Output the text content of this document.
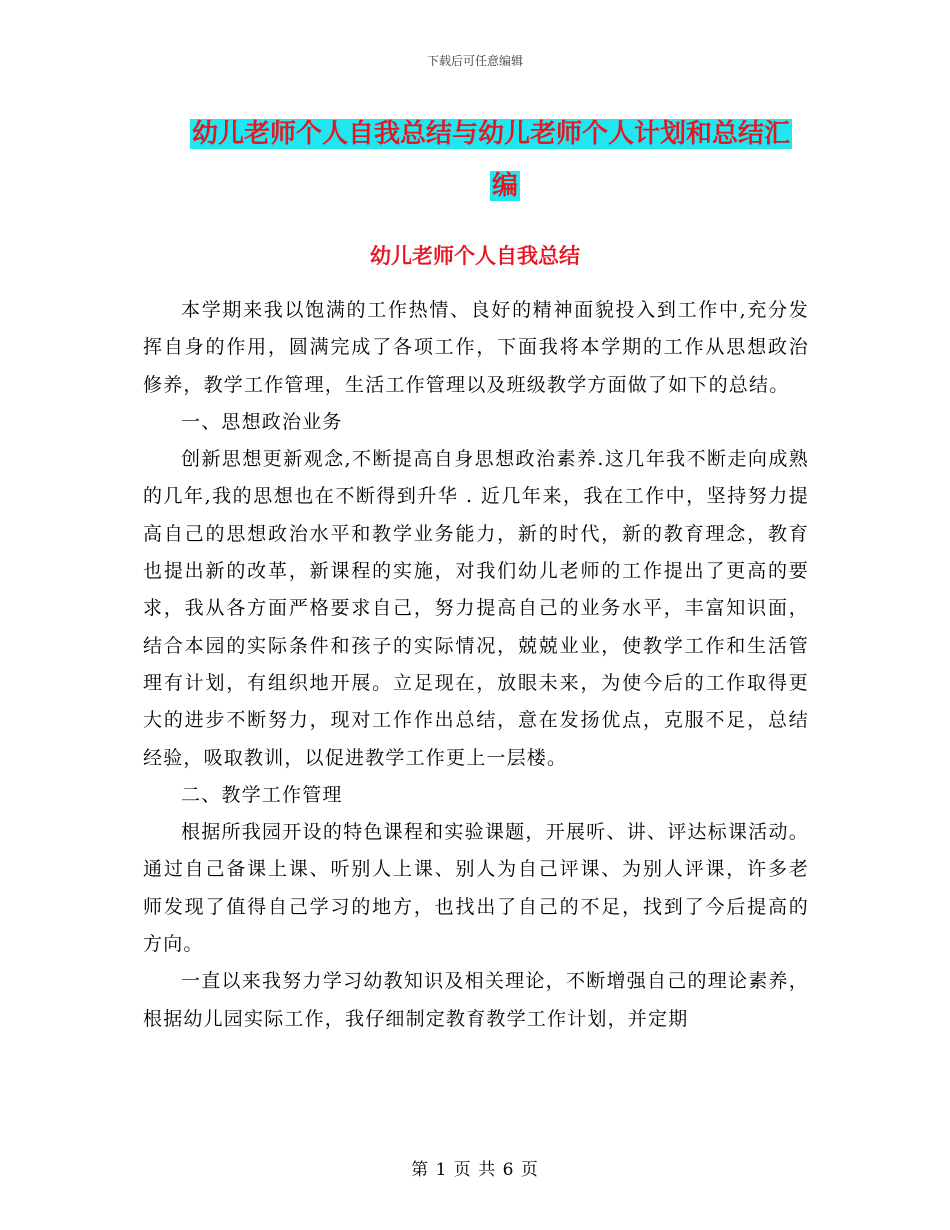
下载后可任意编辑
幼儿老师个人自我总结与幼儿老师个人计划和总结汇
编
幼儿老师个人自我总结

本学期来我以饱满的工作热情、良好的精神面貌投入到工作中,充分发挥自身的作用，圆满完成了各项工作，下面我将本学期的工作从思想政治修养，教学工作管理，生活工作管理以及班级教学方面做了如下的总结。

一、思想政治业务

创新思想更新观念,不断提高自身思想政治素养.这几年我不断走向成熟的几年,我的思想也在不断得到升华 . 近几年来，我在工作中，坚持努力提高自己的思想政治水平和教学业务能力，新的时代，新的教育理念，教育也提出新的改革，新课程的实施，对我们幼儿老师的工作提出了更高的要求，我从各方面严格要求自己，努力提高自己的业务水平，丰富知识面，结合本园的实际条件和孩子的实际情况，兢兢业业，使教学工作和生活管理有计划，有组织地开展。立足现在，放眼未来，为使今后的工作取得更大的进步不断努力，现对工作作出总结，意在发扬优点，克服不足，总结经验，吸取教训，以促进教学工作更上一层楼。

二、教学工作管理

根据所我园开设的特色课程和实验课题，开展听、讲、评达标课活动。通过自己备课上课、听别人上课、别人为自己评课、为别人评课，许多老师发现了值得自己学习的地方，也找出了自己的不足，找到了今后提高的方向。

一直以来我努力学习幼教知识及相关理论，不断增强自己的理论素养，根据幼儿园实际工作，我仔细制定教育教学工作计划，并定期

第 1 页 共 6 页
